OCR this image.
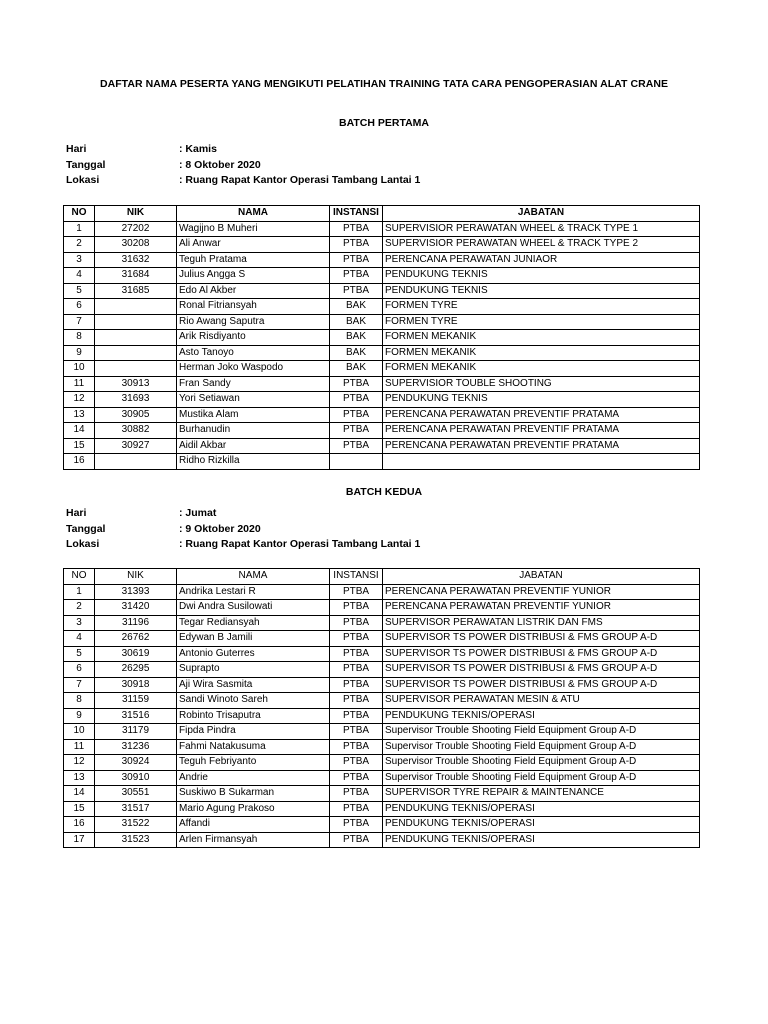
DAFTAR NAMA PESERTA YANG MENGIKUTI PELATIHAN TRAINING TATA CARA PENGOPERASIAN ALAT CRANE
BATCH PERTAMA
Hari	: Kamis
Tanggal	: 8 Oktober 2020
Lokasi	: Ruang Rapat Kantor Operasi Tambang Lantai 1
NO	NIK	NAMA	INSTANSI	JABATAN
1	27202	Wagijno B Muheri	PTBA	SUPERVISIOR PERAWATAN WHEEL & TRACK TYPE 1
2	30208	Ali Anwar	PTBA	SUPERVISIOR PERAWATAN WHEEL & TRACK TYPE 2
3	31632	Teguh Pratama	PTBA	PERENCANA PERAWATAN JUNIAOR
4	31684	Julius Angga S	PTBA	PENDUKUNG TEKNIS
5	31685	Edo Al Akber	PTBA	PENDUKUNG TEKNIS
6		Ronal Fitriansyah	BAK	FORMEN TYRE
7		Rio Awang Saputra	BAK	FORMEN TYRE
8		Arik Risdiyanto	BAK	FORMEN MEKANIK
9		Asto Tanoyo	BAK	FORMEN MEKANIK
10		Herman Joko Waspodo	BAK	FORMEN MEKANIK
11	30913	Fran Sandy	PTBA	SUPERVISIOR TOUBLE SHOOTING
12	31693	Yori Setiawan	PTBA	PENDUKUNG TEKNIS
13	30905	Mustika Alam	PTBA	PERENCANA PERAWATAN PREVENTIF PRATAMA
14	30882	Burhanudin	PTBA	PERENCANA PERAWATAN PREVENTIF PRATAMA
15	30927	Aidil Akbar	PTBA	PERENCANA PERAWATAN PREVENTIF PRATAMA
16		Ridho Rizkilla		
BATCH KEDUA
Hari	: Jumat
Tanggal	: 9 Oktober 2020
Lokasi	: Ruang Rapat Kantor Operasi Tambang Lantai 1
NO	NIK	NAMA	INSTANSI	JABATAN
1	31393	Andrika Lestari R	PTBA	PERENCANA PERAWATAN PREVENTIF YUNIOR
2	31420	Dwi Andra Susilowati	PTBA	PERENCANA PERAWATAN PREVENTIF YUNIOR
3	31196	Tegar Rediansyah	PTBA	SUPERVISOR PERAWATAN LISTRIK DAN FMS
4	26762	Edywan B Jamili	PTBA	SUPERVISOR TS POWER DISTRIBUSI & FMS GROUP A-D
5	30619	Antonio Guterres	PTBA	SUPERVISOR TS POWER DISTRIBUSI & FMS GROUP A-D
6	26295	Suprapto	PTBA	SUPERVISOR TS POWER DISTRIBUSI & FMS GROUP A-D
7	30918	Aji Wira Sasmita	PTBA	SUPERVISOR TS POWER DISTRIBUSI & FMS GROUP A-D
8	31159	Sandi Winoto Sareh	PTBA	SUPERVISOR PERAWATAN MESIN & ATU
9	31516	Robinto Trisaputra	PTBA	PENDUKUNG TEKNIS/OPERASI
10	31179	Fipda Pindra	PTBA	Supervisor Trouble Shooting Field Equipment Group A-D
11	31236	Fahmi Natakusuma	PTBA	Supervisor Trouble Shooting Field Equipment Group A-D
12	30924	Teguh Febriyanto	PTBA	Supervisor Trouble Shooting Field Equipment Group A-D
13	30910	Andrie	PTBA	Supervisor Trouble Shooting Field Equipment Group A-D
14	30551	Suskiwo B Sukarman	PTBA	SUPERVISOR TYRE REPAIR & MAINTENANCE
15	31517	Mario Agung Prakoso	PTBA	PENDUKUNG TEKNIS/OPERASI
16	31522	Affandi	PTBA	PENDUKUNG TEKNIS/OPERASI
17	31523	Arlen Firmansyah	PTBA	PENDUKUNG TEKNIS/OPERASI
